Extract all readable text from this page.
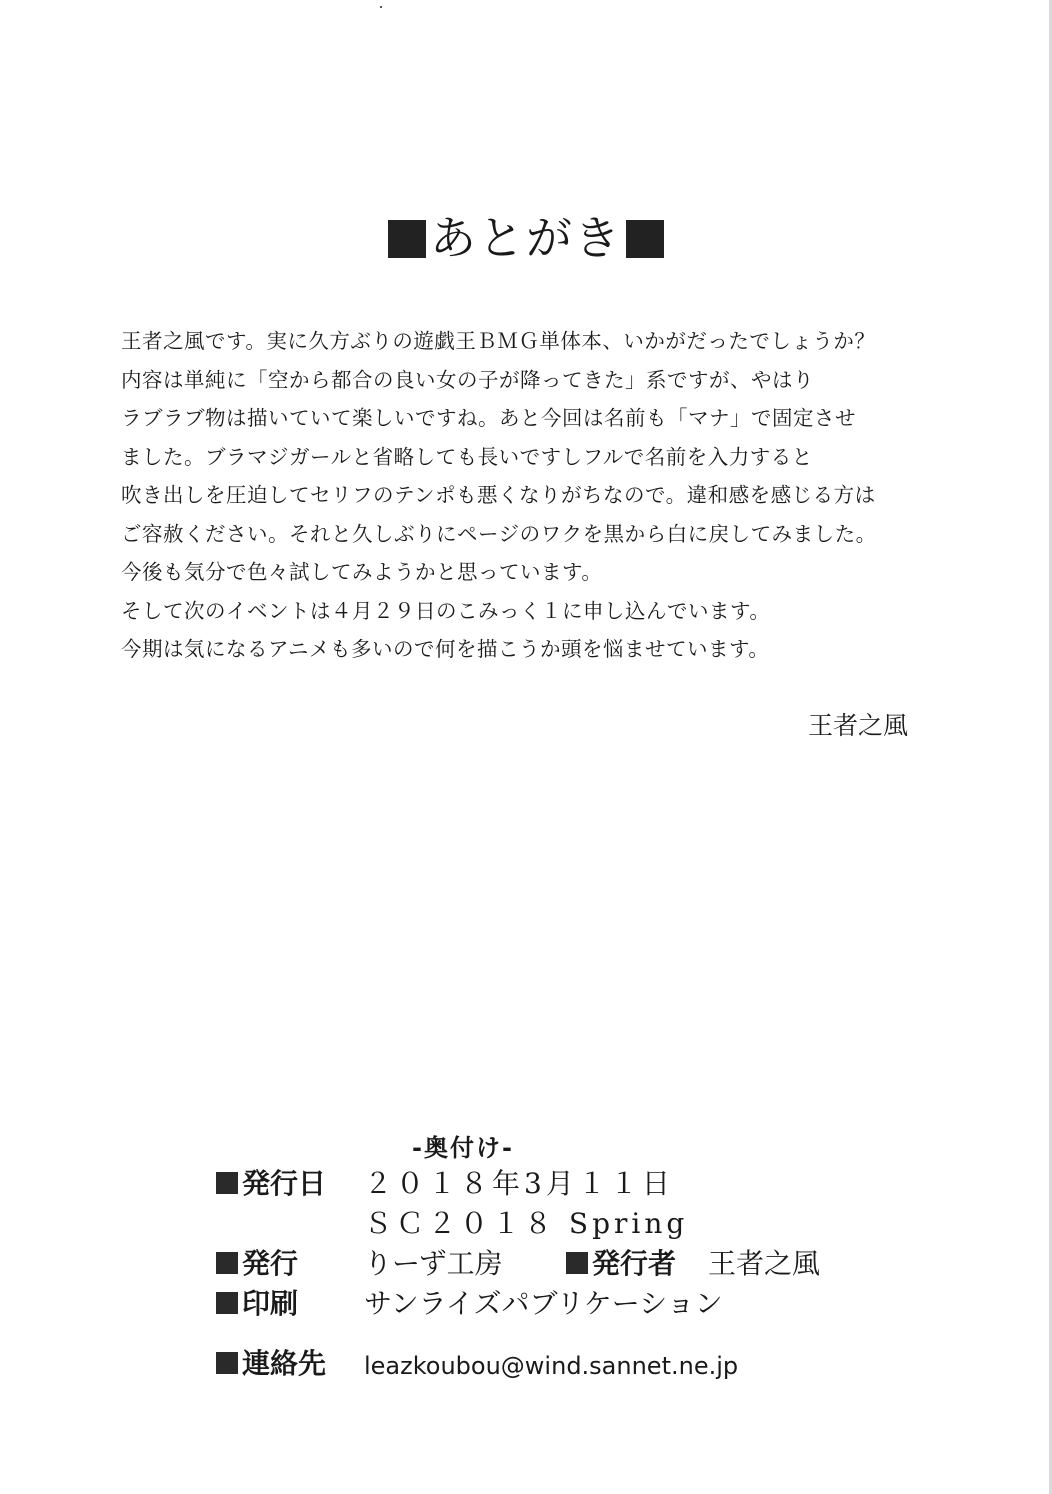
あとがき
王者之風です。実に久方ぶりの遊戯王ＢＭＧ単体本、いかがだったでしょうか？
内容は単純に「空から都合の良い女の子が降ってきた」系ですが、やはり
ラブラブ物は描いていて楽しいですね。あと今回は名前も「マナ」で固定させ
ました。ブラマジガールと省略しても長いですしフルで名前を入力すると
吹き出しを圧迫してセリフのテンポも悪くなりがちなので。違和感を感じる方は
ご容赦ください。それと久しぶりにページのワクを黒から白に戻してみました。
今後も気分で色々試してみようかと思っています。
そして次のイベントは４月２９日のこみっく１に申し込んでいます。
今期は気になるアニメも多いので何を描こうか頭を悩ませています。
王者之風
-奥付け-
発行日 ２０１８年3月１１日
ＳＣ２０１８ Spring
発行 りーず工房	発行者 王者之風
印刷 サンライズパブリケーション
連絡先 leazkoubou@wind.sannet.ne.jp
